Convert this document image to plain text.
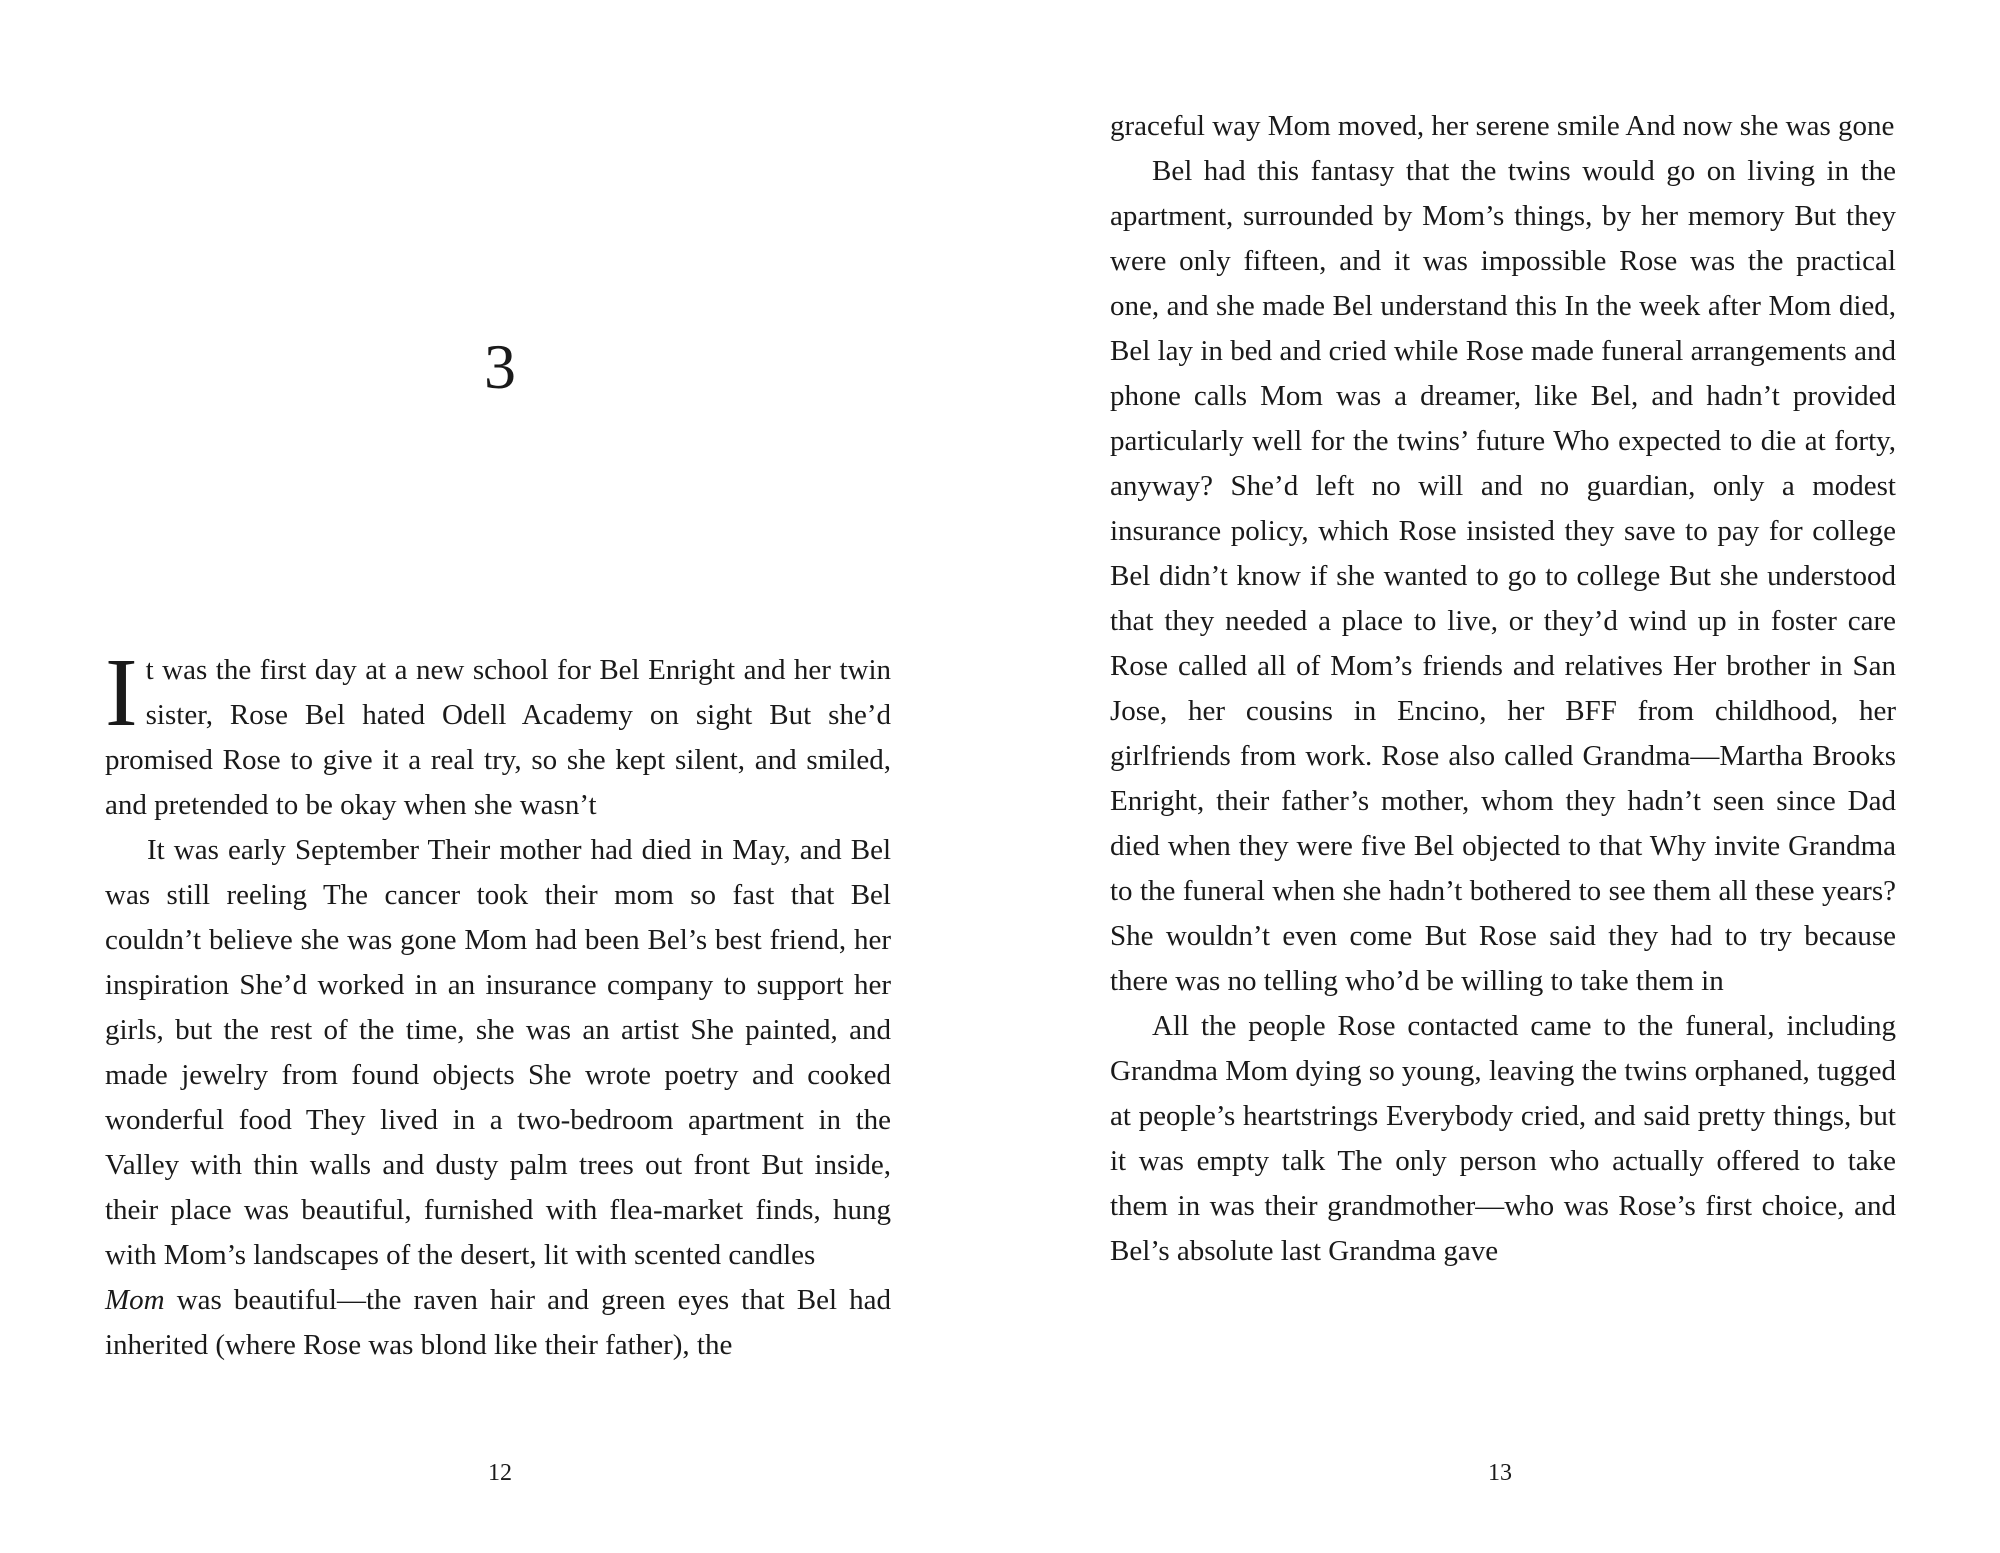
3

It was the first day at a new school for Bel Enright and her twin sister, Rose Bel hated Odell Academy on sight But she’d promised Rose to give it a real try, so she kept silent, and smiled, and pretended to be okay when she wasn’t

It was early September Their mother had died in May, and Bel was still reeling The cancer took their mom so fast that Bel couldn’t believe she was gone Mom had been Bel’s best friend, her inspiration She’d worked in an insurance company to support her girls, but the rest of the time, she was an artist She painted, and made jewelry from found objects She wrote poetry and cooked wonderful food They lived in a two-bedroom apartment in the Valley with thin walls and dusty palm trees out front But inside, their place was beautiful, furnished with flea-market finds, hung with Mom’s landscapes of the desert, lit with scented candles

Mom was beautiful—the raven hair and green eyes that Bel had inherited (where Rose was blond like their father), the

12

graceful way Mom moved, her serene smile And now she was gone

Bel had this fantasy that the twins would go on living in the apartment, surrounded by Mom’s things, by her memory But they were only fifteen, and it was impossible Rose was the practical one, and she made Bel understand this In the week after Mom died, Bel lay in bed and cried while Rose made funeral arrangements and phone calls Mom was a dreamer, like Bel, and hadn’t provided particularly well for the twins’ future Who expected to die at forty, anyway? She’d left no will and no guardian, only a modest insurance policy, which Rose insisted they save to pay for college Bel didn’t know if she wanted to go to college But she understood that they needed a place to live, or they’d wind up in foster care Rose called all of Mom’s friends and relatives Her brother in San Jose, her cousins in Encino, her BFF from childhood, her girlfriends from work. Rose also called Grandma—Martha Brooks Enright, their father’s mother, whom they hadn’t seen since Dad died when they were five Bel objected to that Why invite Grandma to the funeral when she hadn’t bothered to see them all these years? She wouldn’t even come But Rose said they had to try because there was no telling who’d be willing to take them in

All the people Rose contacted came to the funeral, including Grandma Mom dying so young, leaving the twins orphaned, tugged at people’s heartstrings Everybody cried, and said pretty things, but it was empty talk The only person who actually offered to take them in was their grandmother—who was Rose’s first choice, and Bel’s absolute last Grandma gave

13
